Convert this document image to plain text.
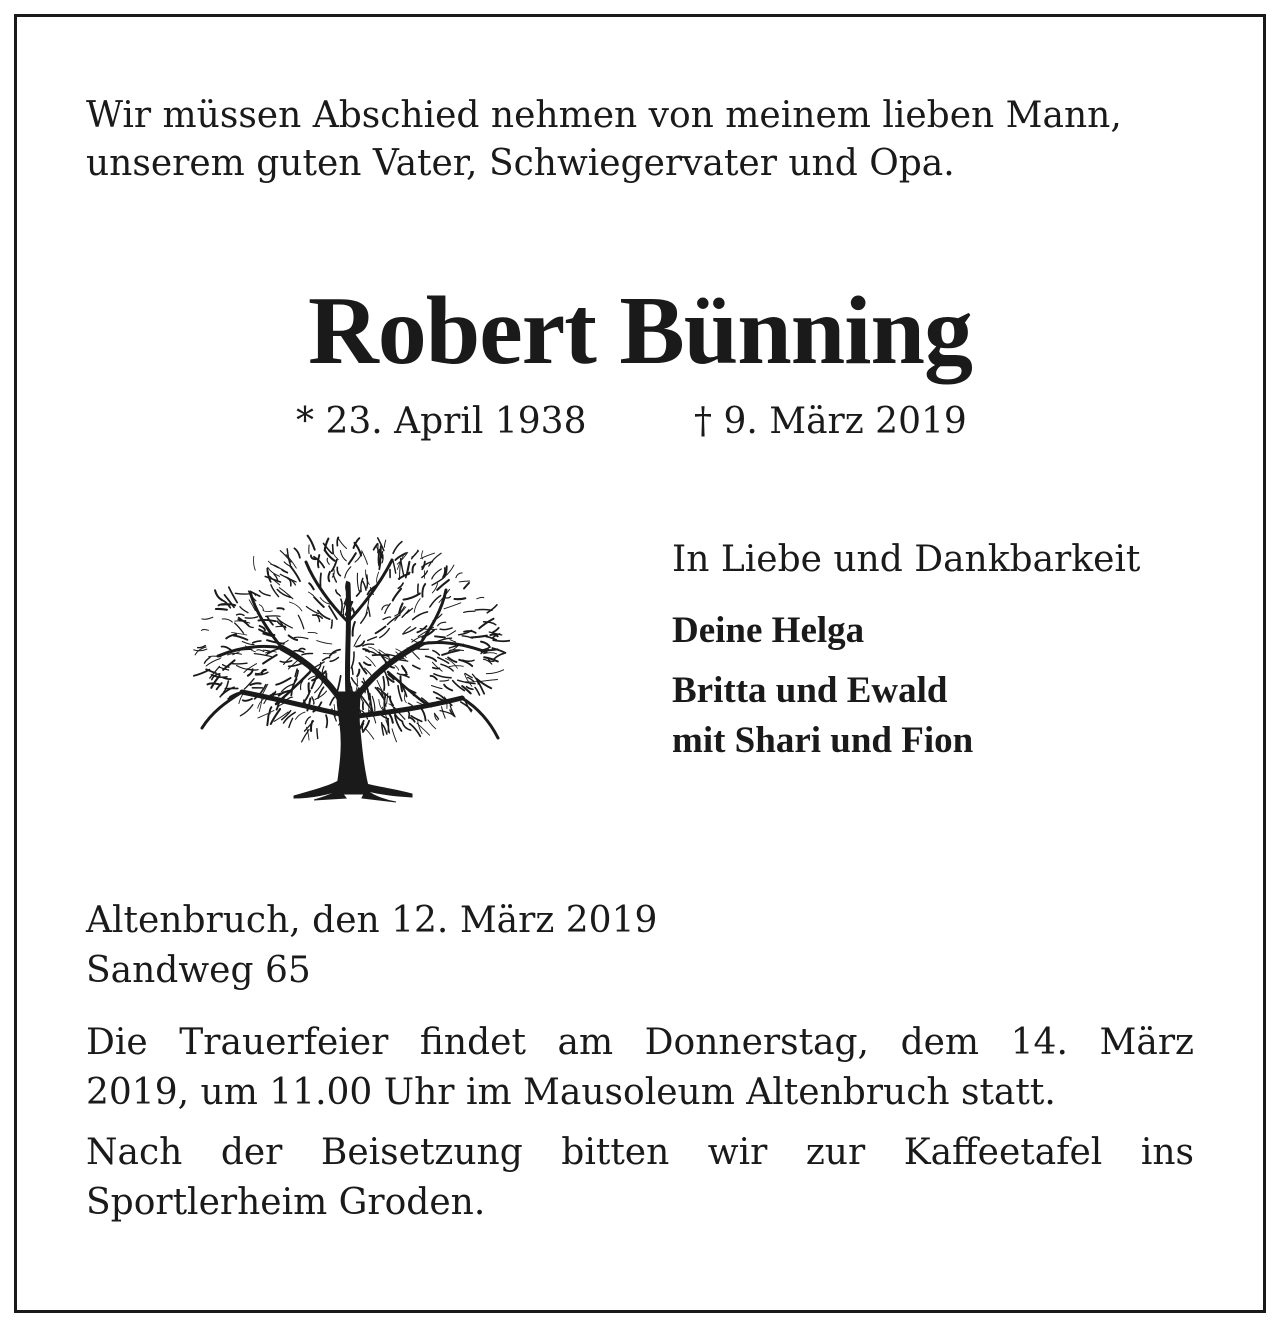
Wir müssen Abschied nehmen von meinem lieben Mann,
unserem guten Vater, Schwiegervater und Opa.
Robert Bünning
* 23. April 1938	† 9. März 2019
In Liebe und Dankbarkeit
Deine Helga
Britta und Ewald
mit Shari und Fion
Altenbruch, den 12. März 2019
Sandweg 65
Die Trauerfeier findet am Donnerstag, dem 14. März
2019, um 11.00 Uhr im Mausoleum Altenbruch statt.
Nach der Beisetzung bitten wir zur Kaffeetafel ins
Sportlerheim Groden.
